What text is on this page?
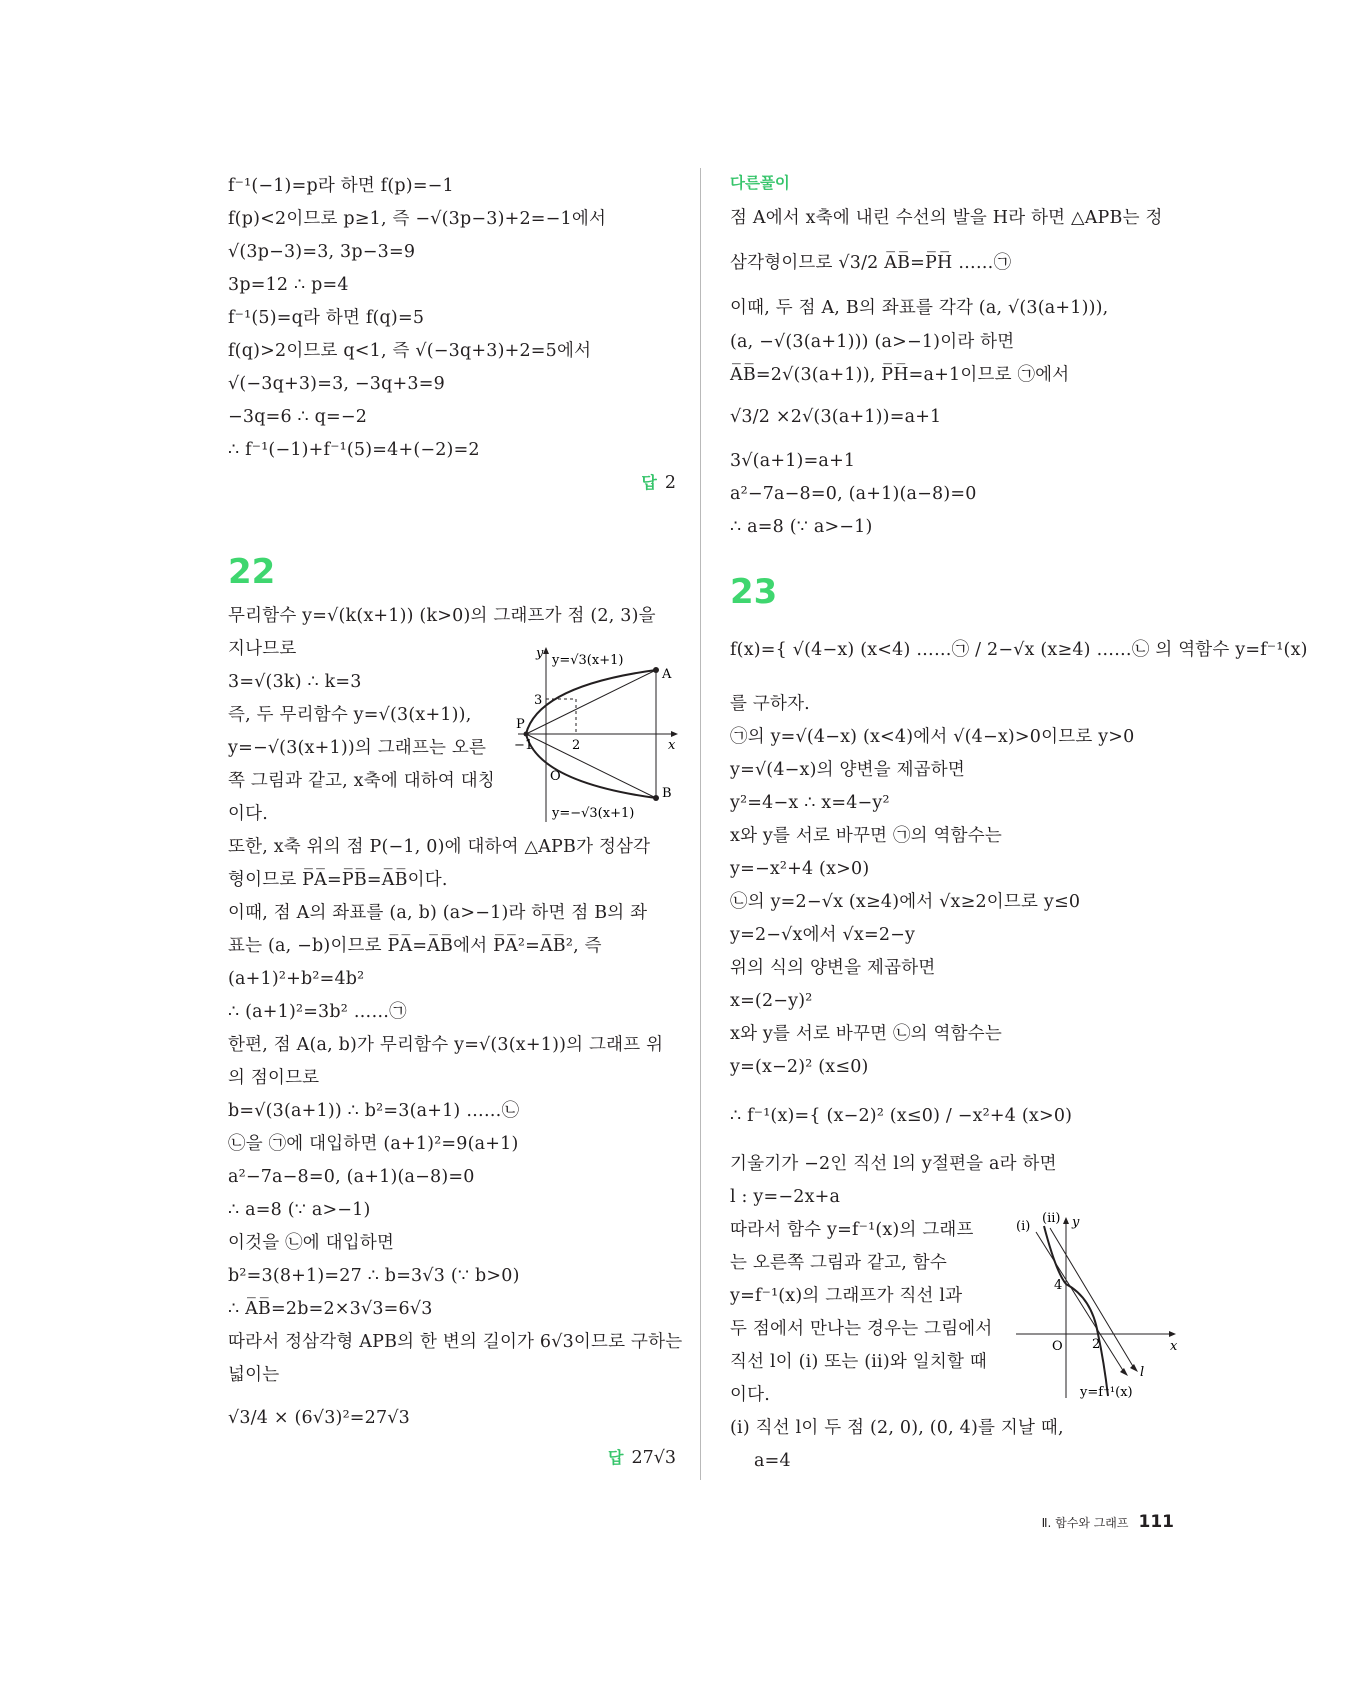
f⁻¹(−1)=p라 하면 f(p)=−1
f(p)<2이므로 p≥1, 즉 −√(3p−3)+2=−1에서
√(3p−3)=3, 3p−3=9
3p=12 ∴ p=4
f⁻¹(5)=q라 하면 f(q)=5
f(q)>2이므로 q<1, 즉 √(−3q+3)+2=5에서
√(−3q+3)=3, −3q+3=9
−3q=6 ∴ q=−2
∴ f⁻¹(−1)+f⁻¹(5)=4+(−2)=2
답 2
22
무리함수 y=√(k(x+1)) (k>0)의 그래프가 점 (2, 3)을
지나므로
3=√(3k) ∴ k=3
즉, 두 무리함수 y=√(3(x+1)),
y=−√(3(x+1))의 그래프는 오른
쪽 그림과 같고, x축에 대하여 대칭
이다.
y=√3(x+1)
y=−√3(x+1)
y
x
O
3
−1	2
A
B
P
또한, x축 위의 점 P(−1, 0)에 대하여 △APB가 정삼각
형이므로 P̅A̅=P̅B̅=A̅B̅이다.
이때, 점 A의 좌표를 (a, b) (a>−1)라 하면 점 B의 좌
표는 (a, −b)이므로 P̅A̅=A̅B̅에서 P̅A̅²=A̅B̅², 즉
(a+1)²+b²=4b²
∴ (a+1)²=3b² ……㉠
한편, 점 A(a, b)가 무리함수 y=√(3(x+1))의 그래프 위
의 점이므로
b=√(3(a+1)) ∴ b²=3(a+1) ……㉡
㉡을 ㉠에 대입하면 (a+1)²=9(a+1)
a²−7a−8=0, (a+1)(a−8)=0
∴ a=8 (∵ a>−1)
이것을 ㉡에 대입하면
b²=3(8+1)=27 ∴ b=3√3 (∵ b>0)
∴ A̅B̅=2b=2×3√3=6√3
따라서 정삼각형 APB의 한 변의 길이가 6√3이므로 구하는
넓이는
√3/4 × (6√3)²=27√3
답 27√3
다른풀이
점 A에서 x축에 내린 수선의 발을 H라 하면 △APB는 정
삼각형이므로 √3/2 A̅B̅=P̅H̅ ……㉠
이때, 두 점 A, B의 좌표를 각각 (a, √(3(a+1))),
(a, −√(3(a+1))) (a>−1)이라 하면
A̅B̅=2√(3(a+1)), P̅H̅=a+1이므로 ㉠에서
√3/2 ×2√(3(a+1))=a+1
3√(a+1)=a+1
a²−7a−8=0, (a+1)(a−8)=0
∴ a=8 (∵ a>−1)
23
f(x)={ √(4−x) (x<4) ……㉠ / 2−√x (x≥4) ……㉡ 의 역함수 y=f⁻¹(x)
를 구하자.
㉠의 y=√(4−x) (x<4)에서 √(4−x)>0이므로 y>0
y=√(4−x)의 양변을 제곱하면
y²=4−x ∴ x=4−y²
x와 y를 서로 바꾸면 ㉠의 역함수는
y=−x²+4 (x>0)
㉡의 y=2−√x (x≥4)에서 √x≥2이므로 y≤0
y=2−√x에서 √x=2−y
위의 식의 양변을 제곱하면
x=(2−y)²
x와 y를 서로 바꾸면 ㉡의 역함수는
y=(x−2)² (x≤0)
∴ f⁻¹(x)={ (x−2)² (x≤0) / −x²+4 (x>0)
기울기가 −2인 직선 l의 y절편을 a라 하면
l : y=−2x+a
따라서 함수 y=f⁻¹(x)의 그래프
는 오른쪽 그림과 같고, 함수
y=f⁻¹(x)의 그래프가 직선 l과
두 점에서 만나는 경우는 그림에서
직선 l이 (i) 또는 (ii)와 일치할 때
이다.
(i) 직선 l이 두 점 (2, 0), (0, 4)를 지날 때,
a=4
(i)
(ii) y
x
O
4
2
l
y=f⁻¹(x)
Ⅱ. 함수와 그래프 111
